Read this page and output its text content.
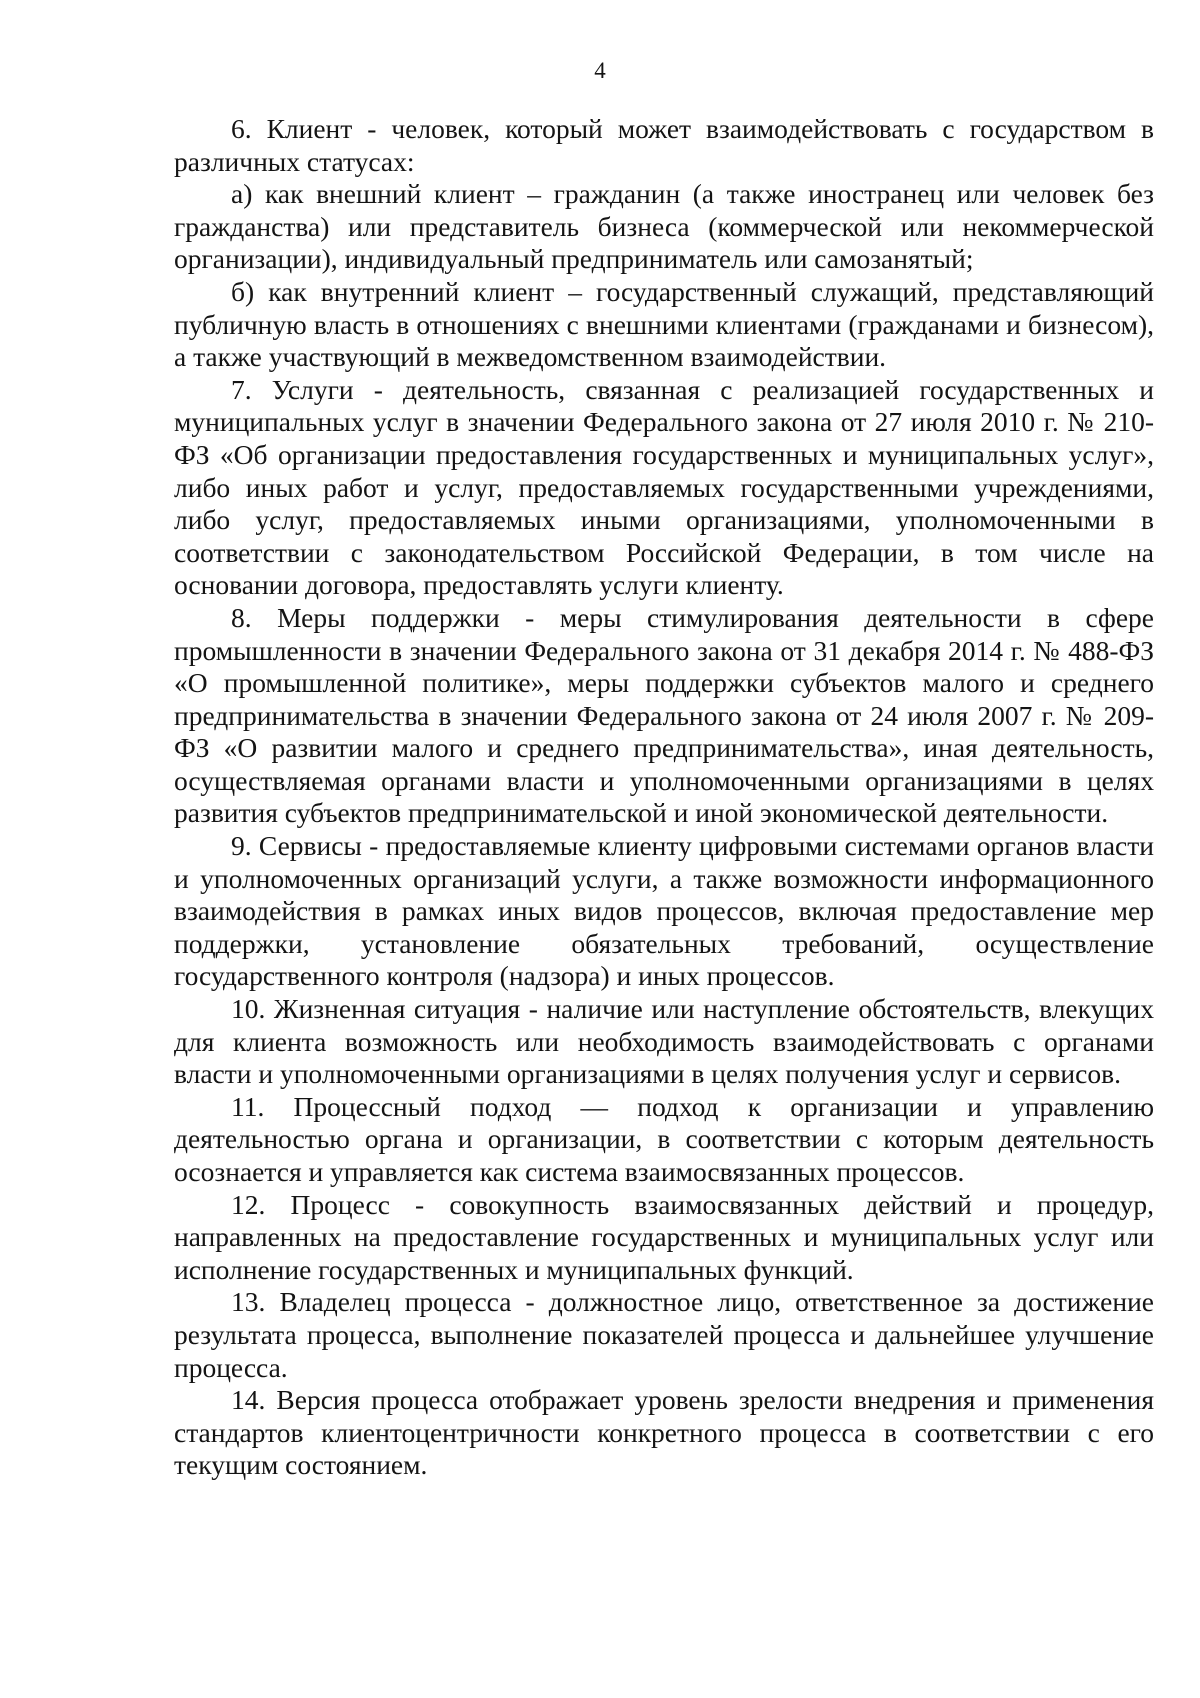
4

6. Клиент - человек, который может взаимодействовать с государством в различных статусах:

а) как внешний клиент – гражданин (а также иностранец или человек без гражданства) или представитель бизнеса (коммерческой или некоммерческой организации), индивидуальный предприниматель или самозанятый;

б) как внутренний клиент – государственный служащий, представляющий публичную власть в отношениях с внешними клиентами (гражданами и бизнесом), а также участвующий в межведомственном взаимодействии.

7. Услуги - деятельность, связанная с реализацией государственных и муниципальных услуг в значении Федерального закона от 27 июля 2010 г. № 210-ФЗ «Об организации предоставления государственных и муниципальных услуг», либо иных работ и услуг, предоставляемых государственными учреждениями, либо услуг, предоставляемых иными организациями, уполномоченными в соответствии с законодательством Российской Федерации, в том числе на основании договора, предоставлять услуги клиенту.

8. Меры поддержки - меры стимулирования деятельности в сфере промышленности в значении Федерального закона от 31 декабря 2014 г. № 488-ФЗ «О промышленной политике», меры поддержки субъектов малого и среднего предпринимательства в значении Федерального закона от 24 июля 2007 г. № 209-ФЗ «О развитии малого и среднего предпринимательства», иная деятельность, осуществляемая органами власти и уполномоченными организациями в целях развития субъектов предпринимательской и иной экономической деятельности.

9. Сервисы - предоставляемые клиенту цифровыми системами органов власти и уполномоченных организаций услуги, а также возможности информационного взаимодействия в рамках иных видов процессов, включая предоставление мер поддержки, установление обязательных требований, осуществление государственного контроля (надзора) и иных процессов.

10. Жизненная ситуация - наличие или наступление обстоятельств, влекущих для клиента возможность или необходимость взаимодействовать с органами власти и уполномоченными организациями в целях получения услуг и сервисов.

11. Процессный подход — подход к организации и управлению деятельностью органа и организации, в соответствии с которым деятельность осознается и управляется как система взаимосвязанных процессов.

12. Процесс - совокупность взаимосвязанных действий и процедур, направленных на предоставление государственных и муниципальных услуг или исполнение государственных и муниципальных функций.

13. Владелец процесса - должностное лицо, ответственное за достижение результата процесса, выполнение показателей процесса и дальнейшее улучшение процесса.

14. Версия процесса отображает уровень зрелости внедрения и применения стандартов клиентоцентричности конкретного процесса в соответствии с его текущим состоянием.
